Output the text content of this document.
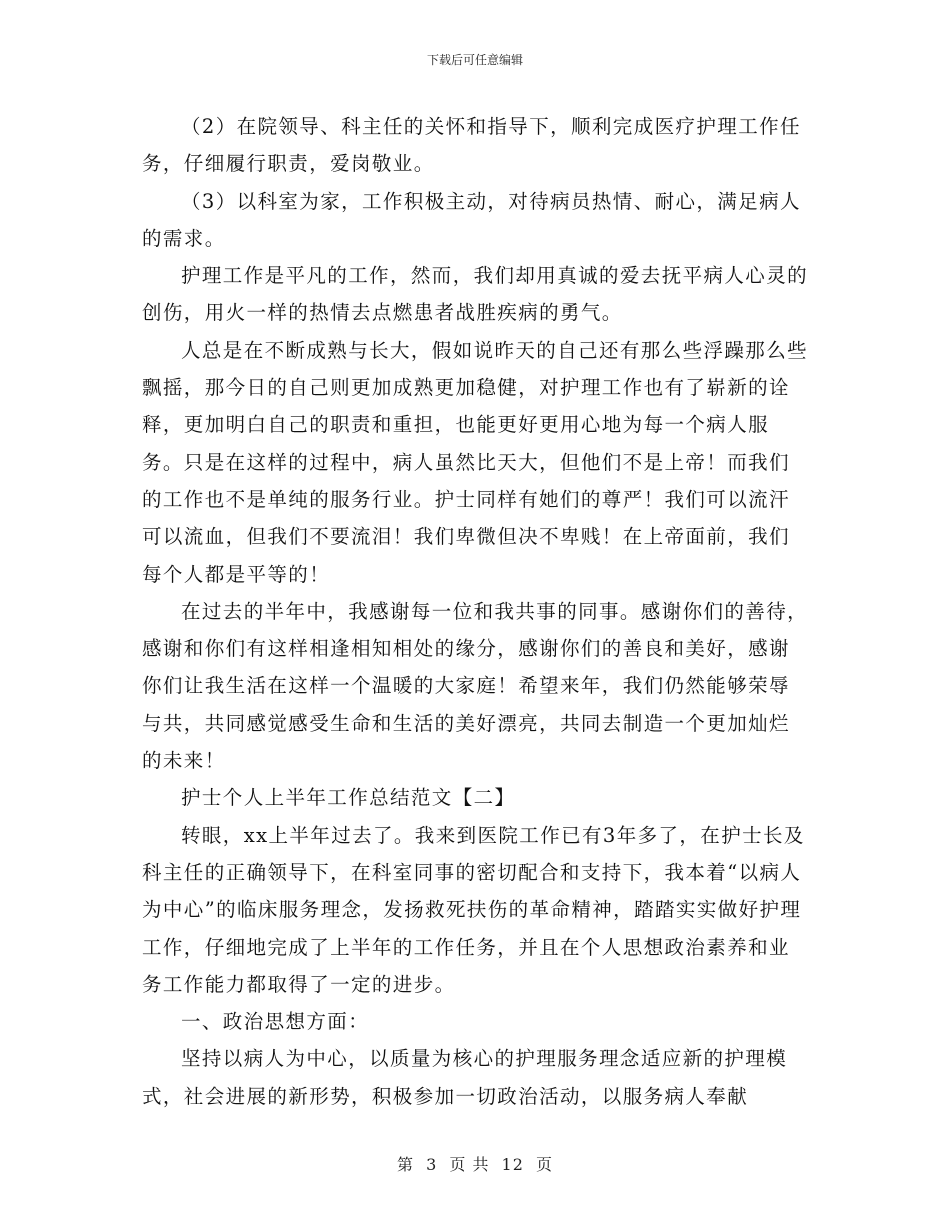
下载后可任意编辑

（2）在院领导、科主任的关怀和指导下，顺利完成医疗护理工作任务，仔细履行职责，爱岗敬业。

（3）以科室为家，工作积极主动，对待病员热情、耐心，满足病人的需求。

护理工作是平凡的工作，然而，我们却用真诚的爱去抚平病人心灵的创伤，用火一样的热情去点燃患者战胜疾病的勇气。

人总是在不断成熟与长大，假如说昨天的自己还有那么些浮躁那么些飘摇，那今日的自己则更加成熟更加稳健，对护理工作也有了崭新的诠释，更加明白自己的职责和重担，也能更好更用心地为每一个病人服务。只是在这样的过程中，病人虽然比天大，但他们不是上帝！而我们的工作也不是单纯的服务行业。护士同样有她们的尊严！我们可以流汗可以流血，但我们不要流泪！我们卑微但决不卑贱！在上帝面前，我们每个人都是平等的！

在过去的半年中，我感谢每一位和我共事的同事。感谢你们的善待，感谢和你们有这样相逢相知相处的缘分，感谢你们的善良和美好，感谢你们让我生活在这样一个温暖的大家庭！希望来年，我们仍然能够荣辱与共，共同感觉感受生命和生活的美好漂亮，共同去制造一个更加灿烂的未来！

护士个人上半年工作总结范文【二】

转眼，xx上半年过去了。我来到医院工作已有3年多了，在护士长及科主任的正确领导下，在科室同事的密切配合和支持下，我本着“以病人为中心”的临床服务理念，发扬救死扶伤的革命精神，踏踏实实做好护理工作，仔细地完成了上半年的工作任务，并且在个人思想政治素养和业务工作能力都取得了一定的进步。

一、政治思想方面：

坚持以病人为中心，以质量为核心的护理服务理念适应新的护理模式，社会进展的新形势，积极参加一切政治活动，以服务病人奉献

第 3 页 共 12 页
